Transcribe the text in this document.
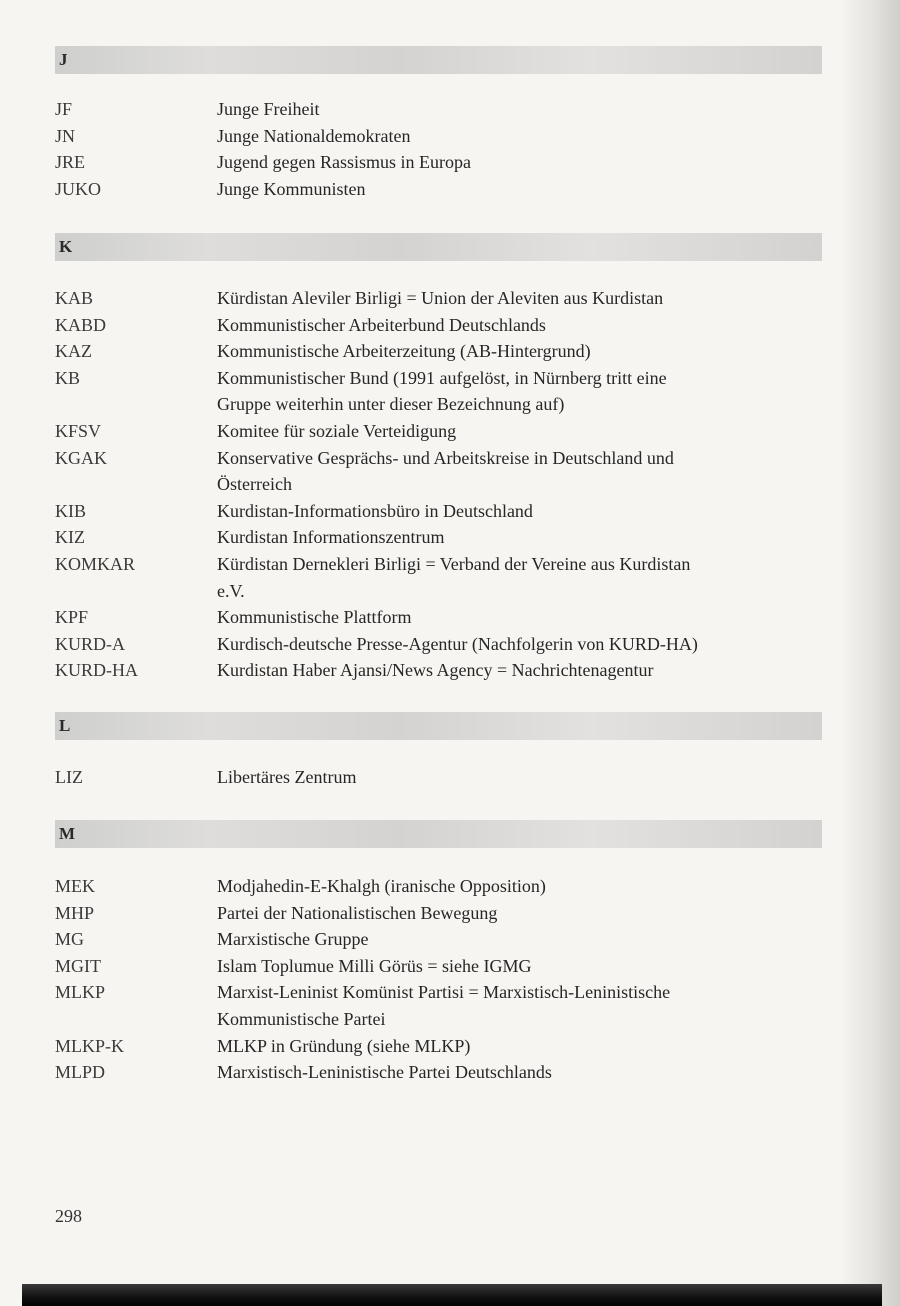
J
JF	Junge Freiheit
JN	Junge Nationaldemokraten
JRE	Jugend gegen Rassismus in Europa
JUKO	Junge Kommunisten
K
KAB	Kürdistan Aleviler Birligi = Union der Aleviten aus Kurdistan
KABD	Kommunistischer Arbeiterbund Deutschlands
KAZ	Kommunistische Arbeiterzeitung (AB-Hintergrund)
KB	Kommunistischer Bund (1991 aufgelöst, in Nürnberg tritt eine
Gruppe weiterhin unter dieser Bezeichnung auf)
KFSV	Komitee für soziale Verteidigung
KGAK	Konservative Gesprächs- und Arbeitskreise in Deutschland und
Österreich
KIB	Kurdistan-Informationsbüro in Deutschland
KIZ	Kurdistan Informationszentrum
KOMKAR	Kürdistan Dernekleri Birligi = Verband der Vereine aus Kurdistan
e.V.
KPF	Kommunistische Plattform
KURD-A	Kurdisch-deutsche Presse-Agentur (Nachfolgerin von KURD-HA)
KURD-HA	Kurdistan Haber Ajansi/News Agency = Nachrichtenagentur
L
LIZ	Libertäres Zentrum
M
MEK	Modjahedin-E-Khalgh (iranische Opposition)
MHP	Partei der Nationalistischen Bewegung
MG	Marxistische Gruppe
MGIT	Islam Toplumue Milli Görüs = siehe IGMG
MLKP	Marxist-Leninist Komünist Partisi = Marxistisch-Leninistische
Kommunistische Partei
MLKP-K	MLKP in Gründung (siehe MLKP)
MLPD	Marxistisch-Leninistische Partei Deutschlands
298
